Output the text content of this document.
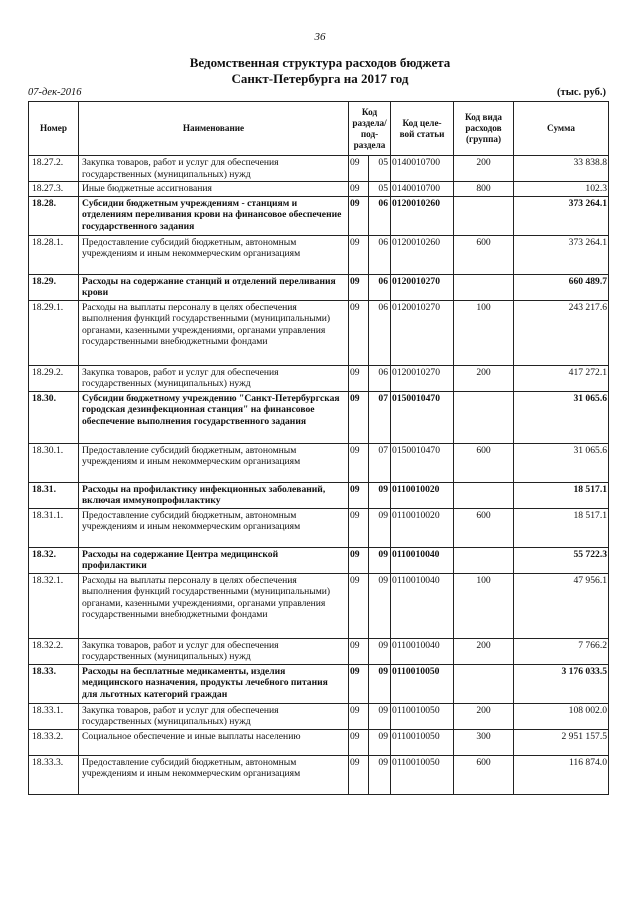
36
Ведомственная структура расходов бюджета
Санкт-Петербурга на 2017 год
07-дек-2016	(тыс. руб.)
Номер	Наименование	Код раздела/ под- раздела		Код целе- вой статьи	Код вида расходов (группа)	Сумма
18.27.2.	Закупка товаров, работ и услуг для обеспечения государственных (муниципальных) нужд	09	05	0140010700	200	33 838.8
18.27.3.	Иные бюджетные ассигнования	09	05	0140010700	800	102.3
18.28.	Субсидии бюджетным учреждениям - станциям и отделениям переливания крови на финансовое обеспечение государственного задания	09	06	0120010260		373 264.1
18.28.1.	Предоставление субсидий бюджетным, автономным учреждениям и иным некоммерческим организациям	09	06	0120010260	600	373 264.1
18.29.	Расходы на содержание станций и отделений переливания крови	09	06	0120010270		660 489.7
18.29.1.	Расходы на выплаты персоналу в целях обеспечения выполнения функций государственными (муниципальными) органами, казенными учреждениями, органами управления государственными внебюджетными фондами	09	06	0120010270	100	243 217.6
18.29.2.	Закупка товаров, работ и услуг для обеспечения государственных (муниципальных) нужд	09	06	0120010270	200	417 272.1
18.30.	Субсидии бюджетному учреждению "Санкт-Петербургская городская дезинфекционная станция" на финансовое обеспечение выполнения государственного задания	09	07	0150010470		31 065.6
18.30.1.	Предоставление субсидий бюджетным, автономным учреждениям и иным некоммерческим организациям	09	07	0150010470	600	31 065.6
18.31.	Расходы на профилактику инфекционных заболеваний, включая иммунопрофилактику	09	09	0110010020		18 517.1
18.31.1.	Предоставление субсидий бюджетным, автономным учреждениям и иным некоммерческим организациям	09	09	0110010020	600	18 517.1
18.32.	Расходы на содержание Центра медицинской профилактики	09	09	0110010040		55 722.3
18.32.1.	Расходы на выплаты персоналу в целях обеспечения выполнения функций государственными (муниципальными) органами, казенными учреждениями, органами управления государственными внебюджетными фондами	09	09	0110010040	100	47 956.1
18.32.2.	Закупка товаров, работ и услуг для обеспечения государственных (муниципальных) нужд	09	09	0110010040	200	7 766.2
18.33.	Расходы на бесплатные медикаменты, изделия медицинского назначения, продукты лечебного питания для льготных категорий граждан	09	09	0110010050		3 176 033.5
18.33.1.	Закупка товаров, работ и услуг для обеспечения государственных (муниципальных) нужд	09	09	0110010050	200	108 002.0
18.33.2.	Социальное обеспечение и иные выплаты населению	09	09	0110010050	300	2 951 157.5
18.33.3.	Предоставление субсидий бюджетным, автономным учреждениям и иным некоммерческим организациям	09	09	0110010050	600	116 874.0
